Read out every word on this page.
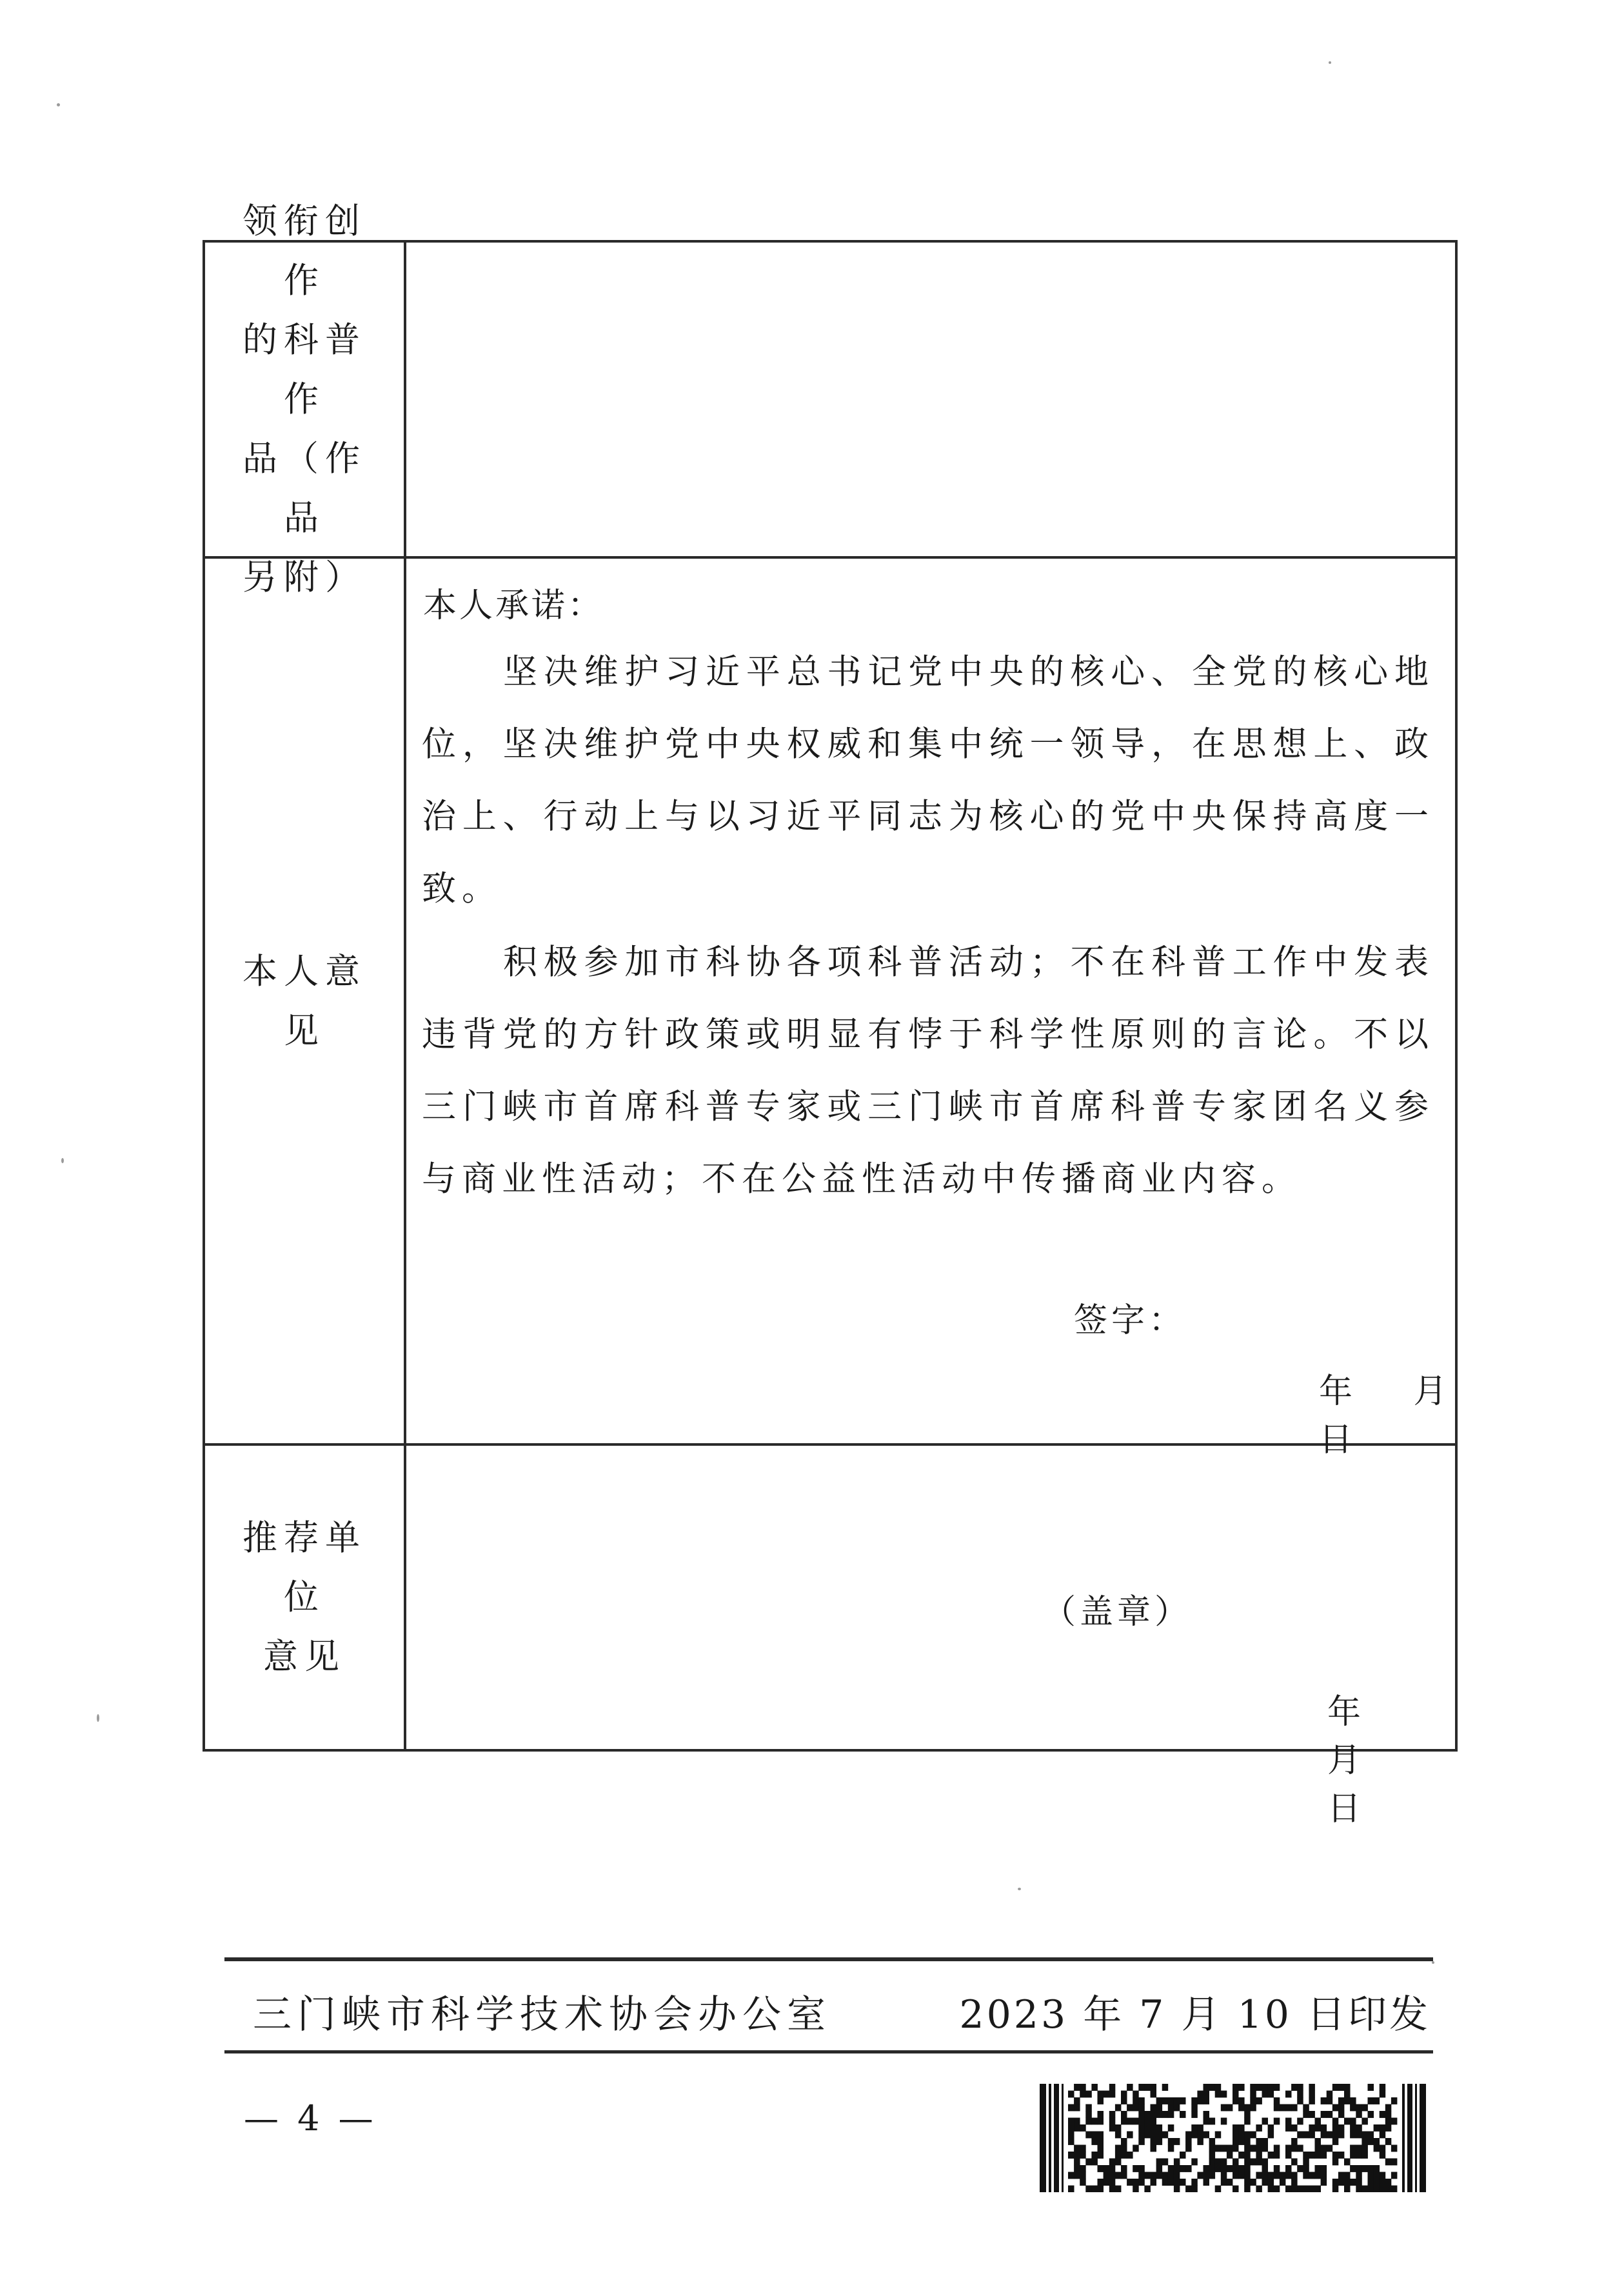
领衔创作
的科普作
品（作品
另附）
本人意见
本人承诺：

坚决维护习近平总书记党中央的核心、全党的核心地位，坚决维护党中央权威和集中统一领导，在思想上、政治上、行动上与以习近平同志为核心的党中央保持高度一致。

积极参加市科协各项科普活动；不在科普工作中发表违背党的方针政策或明显有悖于科学性原则的言论。不以三门峡市首席科普专家或三门峡市首席科普专家团名义参与商业性活动；不在公益性活动中传播商业内容。

签字：
年 月 日
推荐单位
意见
（盖章）
年 月 日
三门峡市科学技术协会办公室	2023 年 7 月 10 日印发
— 4 —
